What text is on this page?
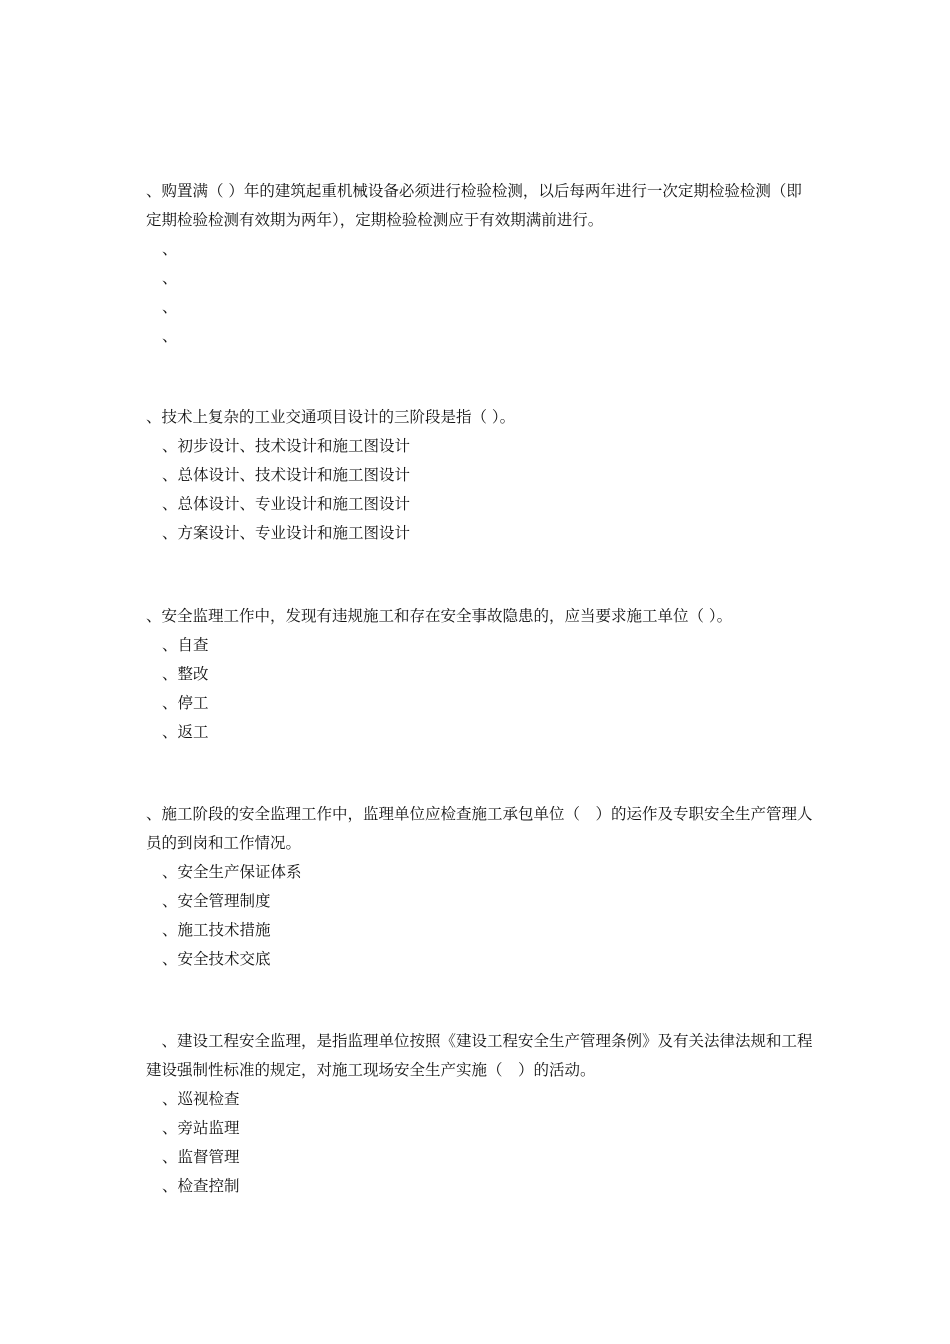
、购置满（ ）年的建筑起重机械设备必须进行检验检测，以后每两年进行一次定期检验检测（即定期检验检测有效期为两年），定期检验检测应于有效期满前进行。

、
、
、
、

、技术上复杂的工业交通项目设计的三阶段是指（ ）。

、初步设计、技术设计和施工图设计
、总体设计、技术设计和施工图设计
、总体设计、专业设计和施工图设计
、方案设计、专业设计和施工图设计

、安全监理工作中，发现有违规施工和存在安全事故隐患的，应当要求施工单位（ ）。

、自查
、整改
、停工
、返工

、施工阶段的安全监理工作中，监理单位应检查施工承包单位（　）的运作及专职安全生产管理人员的到岗和工作情况。

、安全生产保证体系
、安全管理制度
、施工技术措施
、安全技术交底

　、建设工程安全监理，是指监理单位按照《建设工程安全生产管理条例》及有关法律法规和工程建设强制性标准的规定，对施工现场安全生产实施（　）的活动。

、巡视检查
、旁站监理
、监督管理
、检查控制
